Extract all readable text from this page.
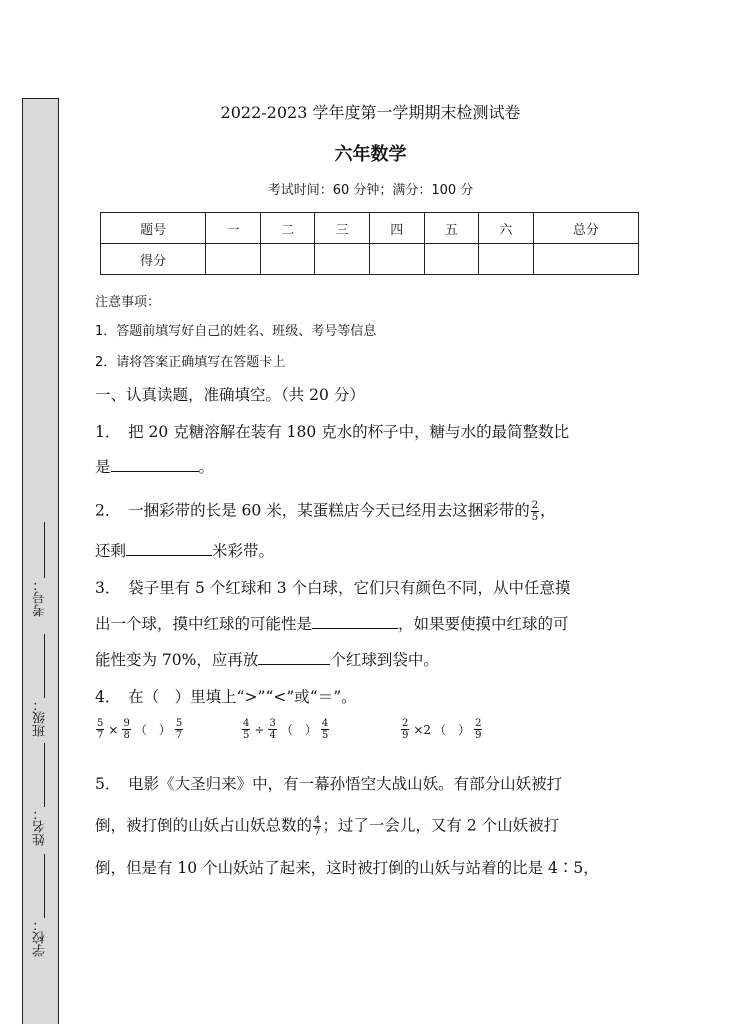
考号：
班级：
姓名：
学校：
2022-2023 学年度第一学期期末检测试卷
六年数学
考试时间：60 分钟；满分：100 分
题号	一	二	三	四	五	六	总分
得分							
注意事项：
1．答题前填写好自己的姓名、班级、考号等信息
2．请将答案正确填写在答题卡上
一、认真读题，准确填空。（共 20 分）
1．　把 20 克糖溶解在装有 180 克水的杯子中，糖与水的最简整数比
是	。
2．　一捆彩带的长是 60 米，某蛋糕店今天已经用去这捆彩带的 $\frac{2}{5}$ ，
还剩	米彩带。
3．　袋子里有 5 个红球和 3 个白球，它们只有颜色不同，从中任意摸
出一个球，摸中红球的可能性是	，如果要使摸中红球的可
能性变为 70%，应再放	个红球到袋中。
4．　在（　）里填上“>”“<”或“＝”。
$\frac{5}{7} \times \frac{9}{8}$ （　） $\frac{5}{7}$	$\frac{4}{5} \div \frac{3}{4}$ （　） $\frac{4}{5}$	$\frac{2}{9} \times 2$ （　） $\frac{2}{9}$
5．　电影《大圣归来》中，有一幕孙悟空大战山妖。有部分山妖被打
倒，被打倒的山妖占山妖总数的 $\frac{4}{7}$ ；过了一会儿，又有 2 个山妖被打
倒，但是有 10 个山妖站了起来，这时被打倒的山妖与站着的比是 4∶5，
